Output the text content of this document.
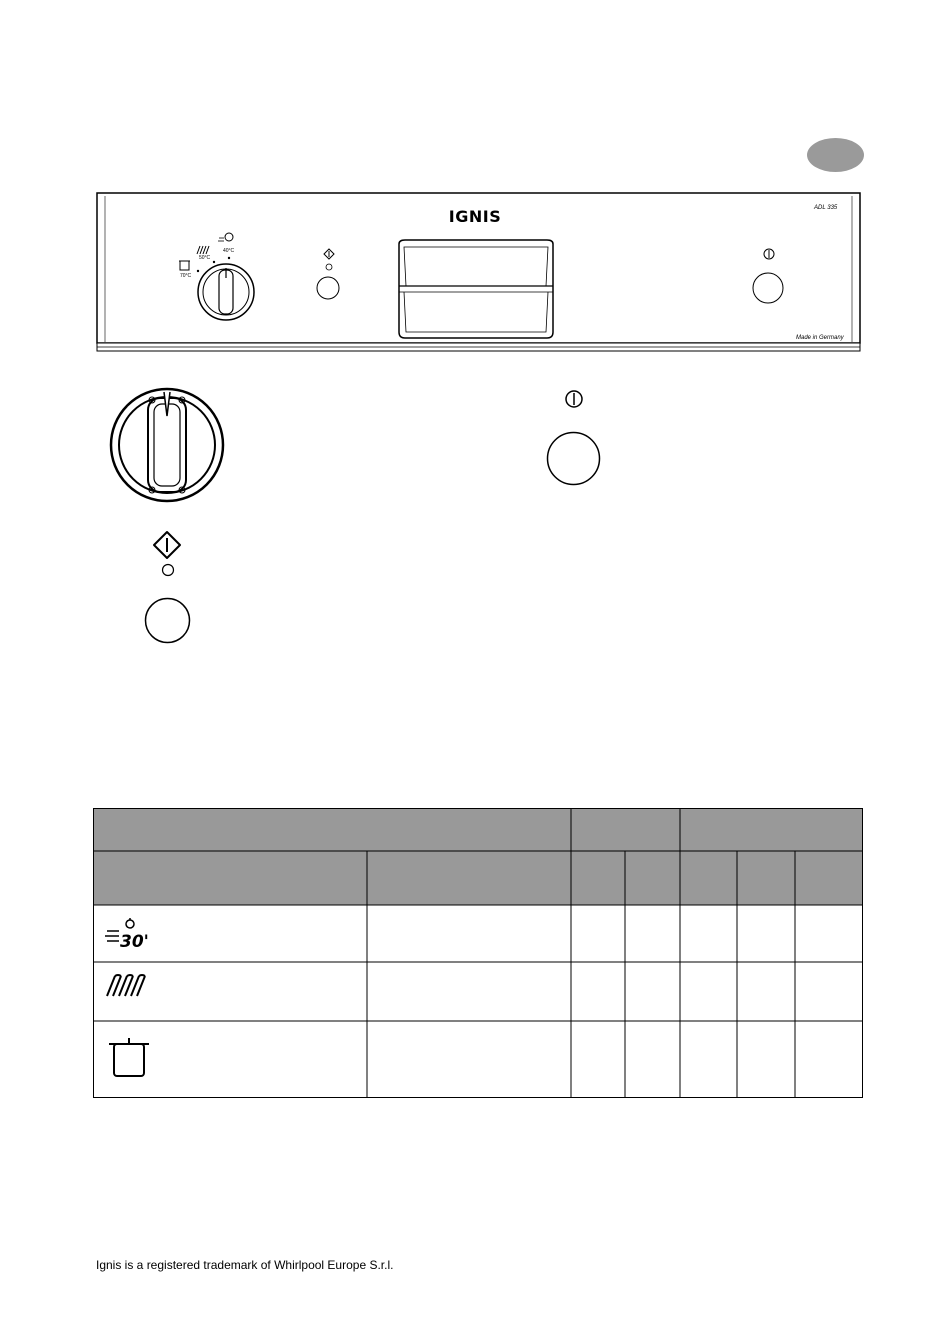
IGNIS	ADL 335
Made in Germany
50°C
40°C
70°C
30'
Ignis is a registered trademark of Whirlpool Europe S.r.l.
